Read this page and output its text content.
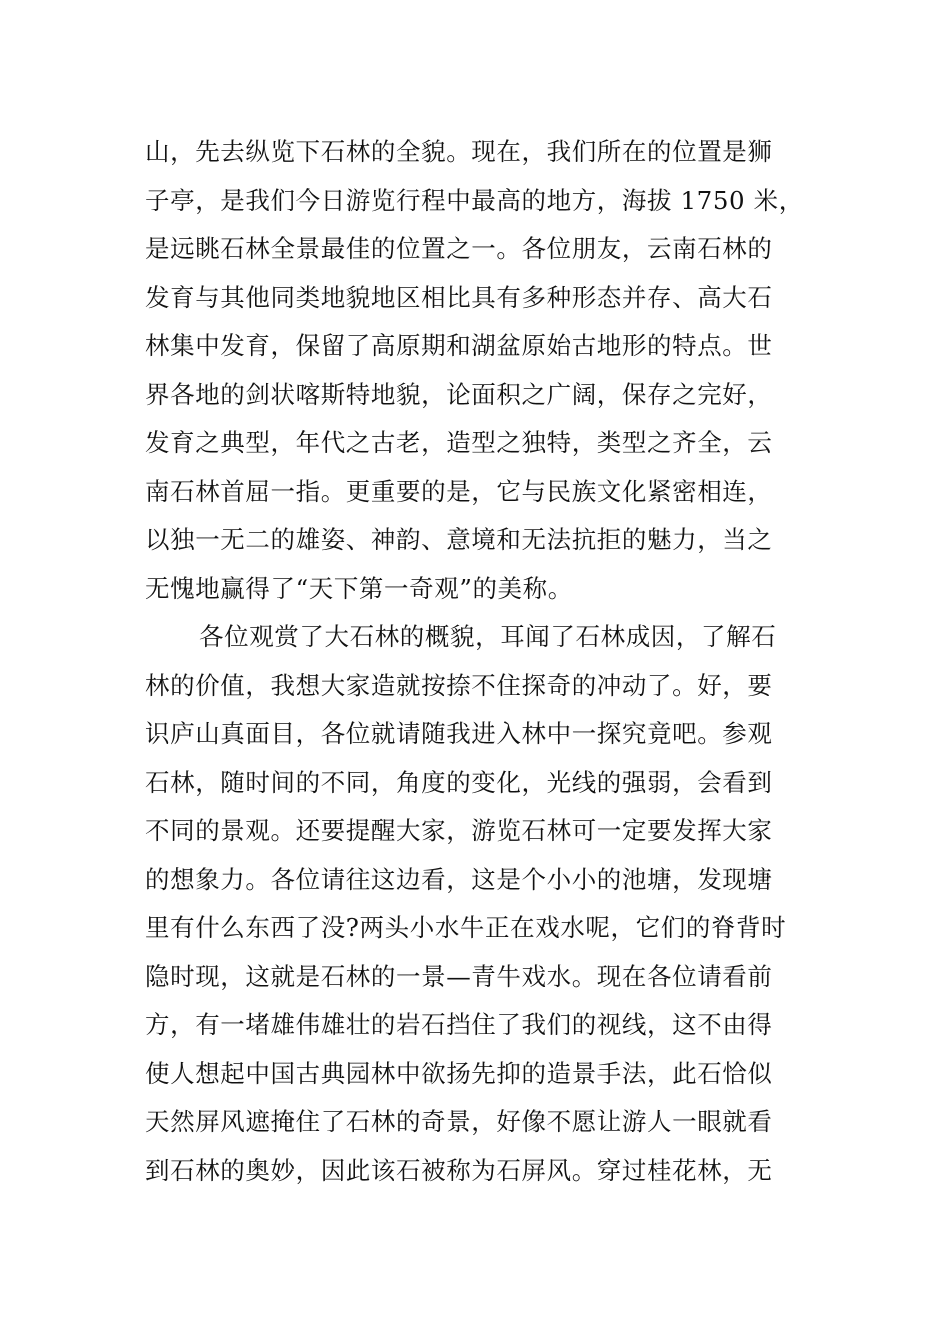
山，先去纵览下石林的全貌。现在，我们所在的位置是狮
子亭，是我们今日游览行程中最高的地方，海拔 1750 米，
是远眺石林全景最佳的位置之一。各位朋友，云南石林的
发育与其他同类地貌地区相比具有多种形态并存、高大石
林集中发育，保留了高原期和湖盆原始古地形的特点。世
界各地的剑状喀斯特地貌，论面积之广阔，保存之完好，
发育之典型，年代之古老，造型之独特，类型之齐全，云
南石林首屈一指。更重要的是，它与民族文化紧密相连，
以独一无二的雄姿、神韵、意境和无法抗拒的魅力，当之
无愧地赢得了“天下第一奇观”的美称。
各位观赏了大石林的概貌，耳闻了石林成因，了解石
林的价值，我想大家造就按捺不住探奇的冲动了。好，要
识庐山真面目，各位就请随我进入林中一探究竟吧。参观
石林，随时间的不同，角度的变化，光线的强弱，会看到
不同的景观。还要提醒大家，游览石林可一定要发挥大家
的想象力。各位请往这边看，这是个小小的池塘，发现塘
里有什么东西了没?两头小水牛正在戏水呢，它们的脊背时
隐时现，这就是石林的一景—青牛戏水。现在各位请看前
方，有一堵雄伟雄壮的岩石挡住了我们的视线，这不由得
使人想起中国古典园林中欲扬先抑的造景手法，此石恰似
天然屏风遮掩住了石林的奇景，好像不愿让游人一眼就看
到石林的奥妙，因此该石被称为石屏风。穿过桂花林，无
